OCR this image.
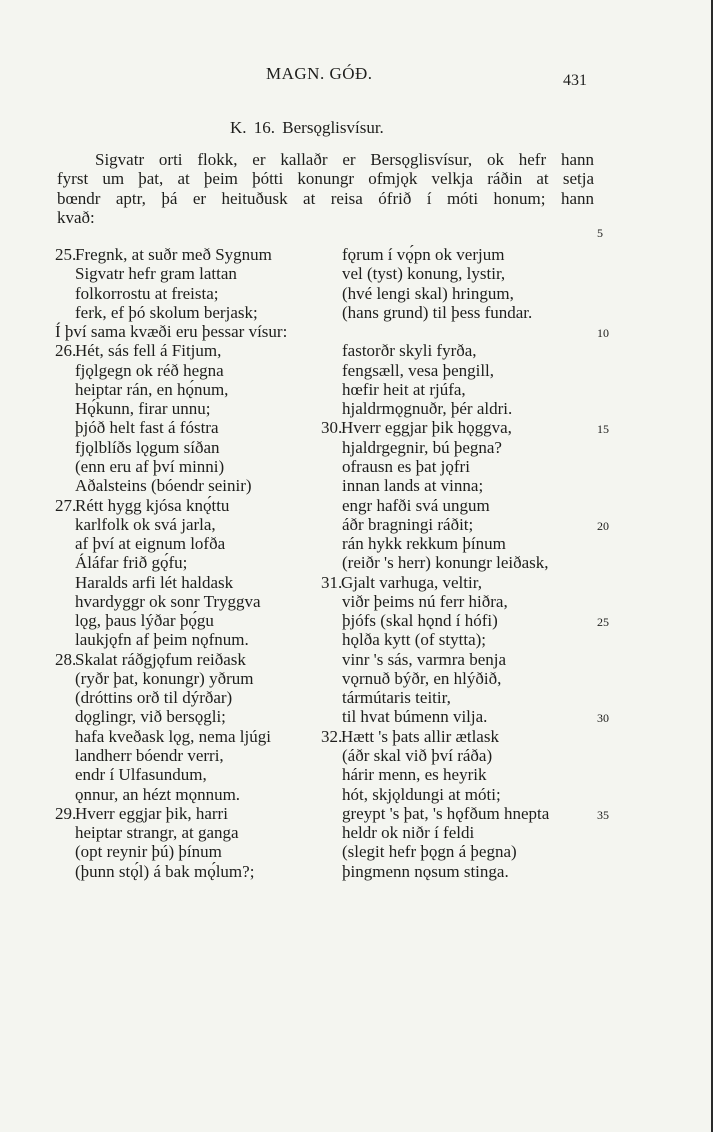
MAGN. GÓÐ.	431
K. 16. Bersǫglisvísur.
Sigvatr orti flokk, er kallaðr er Bersǫglisvísur, ok hefr hann
fyrst um þat, at þeim þótti konungr ofmjǫk velkja ráðin at setja
bœndr aptr, þá er heituðusk at reisa ófrið í móti honum; hann
kvað:
5
25.Fregnk, at suðr með Sygnum	fǫrum í vǫ́pn ok verjum
Sigvatr hefr gram lattan	vel (tyst) konung, lystir,
folkorrostu at freista;	(hvé lengi skal) hringum,
ferk, ef þó skolum berjask;	(hans grund) til þess fundar.
Í því sama kvæði eru þessar vísur:	10
26.Hét, sás fell á Fitjum,	fastorðr skyli fyrða,
fjǫlgegn ok réð hegna	fengsæll, vesa þengill,
heiptar rán, en hǫ́num,	hœfir heit at rjúfa,
Hǫ́kunn, firar unnu;	hjaldrmǫgnuðr, þér aldri.
þjóð helt fast á fóstra	30.Hverr eggjar þik hǫggva,	15
fjǫlblíðs lǫgum síðan	hjaldrgegnir, bú þegna?
(enn eru af því minni)	ofrausn es þat jǫfri
Aðalsteins (bóendr seinir)	innan lands at vinna;
27.Rétt hygg kjósa knǫ́ttu	engr hafði svá ungum
karlfolk ok svá jarla,	áðr bragningi ráðit;	20
af því at eignum lofða	rán hykk rekkum þínum
Áláfar frið gǫ́fu;	(reiðr 's herr) konungr leiðask,
Haralds arfi lét haldask	31.Gjalt varhuga, veltir,
hvardyggr ok sonr Tryggva	viðr þeims nú ferr hiðra,
lǫg, þaus lýðar þǫ́gu	þjófs (skal hǫnd í hófi)	25
laukjǫfn af þeim nǫfnum.	hǫlða kytt (of stytta);
28.Skalat ráðgjǫfum reiðask	vinr 's sás, varmra benja
(ryðr þat, konungr) yðrum	vǫrnuð býðr, en hlýðið,
(dróttins orð til dýrðar)	tármútaris teitir,
dǫglingr, við bersǫgli;	til hvat búmenn vilja.	30
hafa kveðask lǫg, nema ljúgi	32.Hætt 's þats allir ætlask
landherr bóendr verri,	(áðr skal við því ráða)
endr í Ulfasundum,	hárir menn, es heyrik
ǫnnur, an hézt mǫnnum.	hót, skjǫldungi at móti;
29.Hverr eggjar þik, harri	greypt 's þat, 's hǫfðum hnepta	35
heiptar strangr, at ganga	heldr ok niðr í feldi
(opt reynir þú) þínum	(slegit hefr þǫgn á þegna)
(þunn stǫ́l) á bak mǫ́lum?;	þingmenn nǫsum stinga.
